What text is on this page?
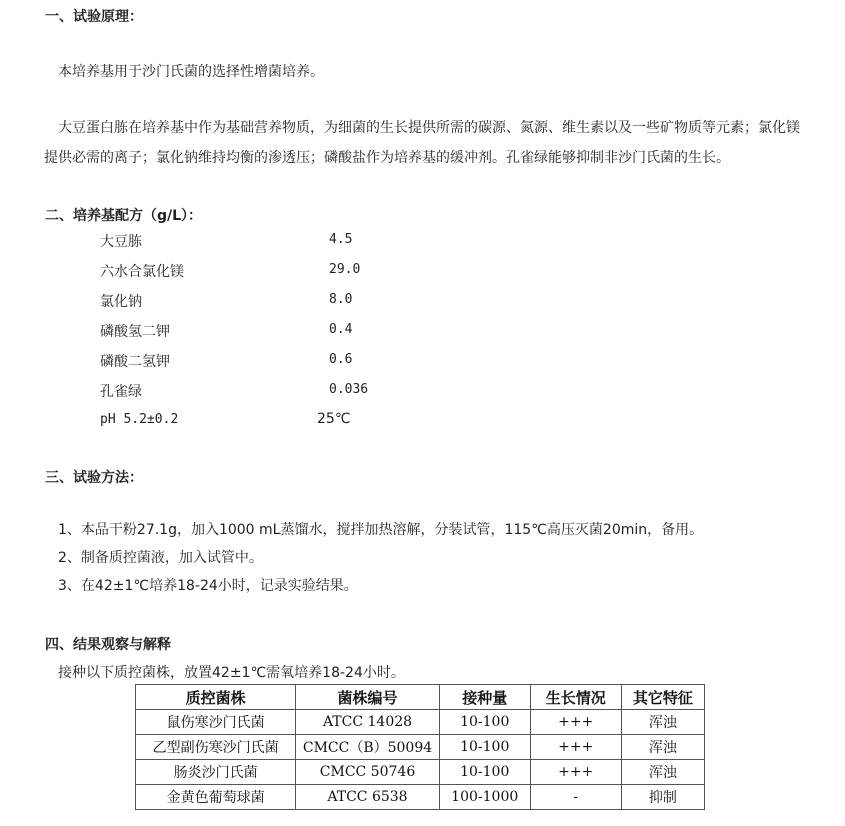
一、试验原理：
本培养基用于沙门氏菌的选择性增菌培养。
大豆蛋白胨在培养基中作为基础营养物质，为细菌的生长提供所需的碳源、氮源、维生素以及一些矿物质等元素；氯化镁提供必需的离子；氯化钠维持均衡的渗透压；磷酸盐作为培养基的缓冲剂。孔雀绿能够抑制非沙门氏菌的生长。
二、培养基配方（g/L）：
大豆胨	4.5
六水合氯化镁	29.0
氯化钠	8.0
磷酸氢二钾	0.4
磷酸二氢钾	0.6
孔雀绿	0.036
pH 5.2±0.2	25℃
三、试验方法：
1、本品干粉27.1g，加入1000 mL蒸馏水，搅拌加热溶解，分装试管，115℃高压灭菌20min，备用。
2、制备质控菌液，加入试管中。
3、在42±1℃培养18-24小时，记录实验结果。
四、结果观察与解释
接种以下质控菌株，放置42±1℃需氧培养18-24小时。
质控菌株	菌株编号	接种量	生长情况	其它特征
鼠伤寒沙门氏菌	ATCC 14028	10-100	+++	浑浊
乙型副伤寒沙门氏菌	CMCC（B）50094	10-100	+++	浑浊
肠炎沙门氏菌	CMCC 50746	10-100	+++	浑浊
金黄色葡萄球菌	ATCC 6538	100-1000	-	抑制
